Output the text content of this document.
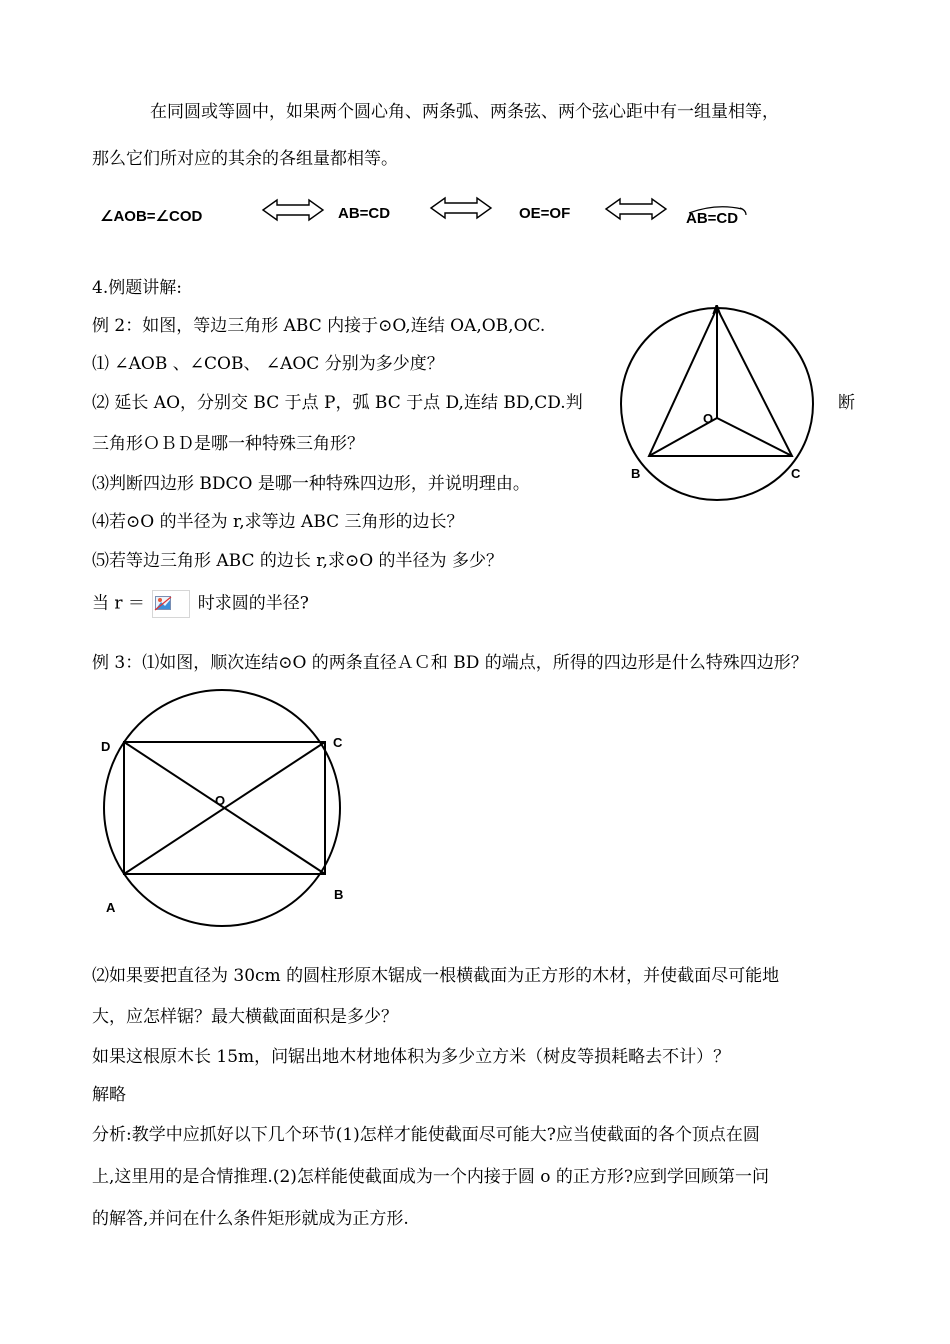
在同圆或等圆中，如果两个圆心角、两条弧、两条弦、两个弦心距中有一组量相等，
那么它们所对应的其余的各组量都相等。
∠AOB=∠COD	AB=CD	OE=OF	AB=CD
4.例题讲解:
例 2：如图，等边三角形 ABC 内接于⊙O,连结 OA,OB,OC.
⑴ ∠AOB 、∠COB、 ∠AOC 分别为多少度？
⑵ 延长 AO，分别交 BC 于点 P，弧 BC 于点 D,连结 BD,CD.判	断
三角形ＯＢＤ是哪一种特殊三角形？
⑶判断四边形 BDCO 是哪一种特殊四边形，并说明理由。
⑷若⊙O 的半径为 r,求等边 ABC 三角形的边长？
⑸若等边三角形 ABC 的边长 r,求⊙O 的半径为 多少？
当 r ＝	时求圆的半径?
A
O
B	C
例 3：⑴如图，顺次连结⊙O 的两条直径ＡＣ和 BD 的端点，所得的四边形是什么特殊四边形？
D	C
O
A
B
⑵如果要把直径为 30cm 的圆柱形原木锯成一根横截面为正方形的木材，并使截面尽可能地
大，应怎样锯？最大横截面面积是多少？
如果这根原木长 15m，问锯出地木材地体积为多少立方米（树皮等损耗略去不计）？
解略
分析:教学中应抓好以下几个环节(1)怎样才能使截面尽可能大?应当使截面的各个顶点在圆
上,这里用的是合情推理.(2)怎样能使截面成为一个内接于圆 o 的正方形?应到学回顾第一问
的解答,并问在什么条件矩形就成为正方形.
